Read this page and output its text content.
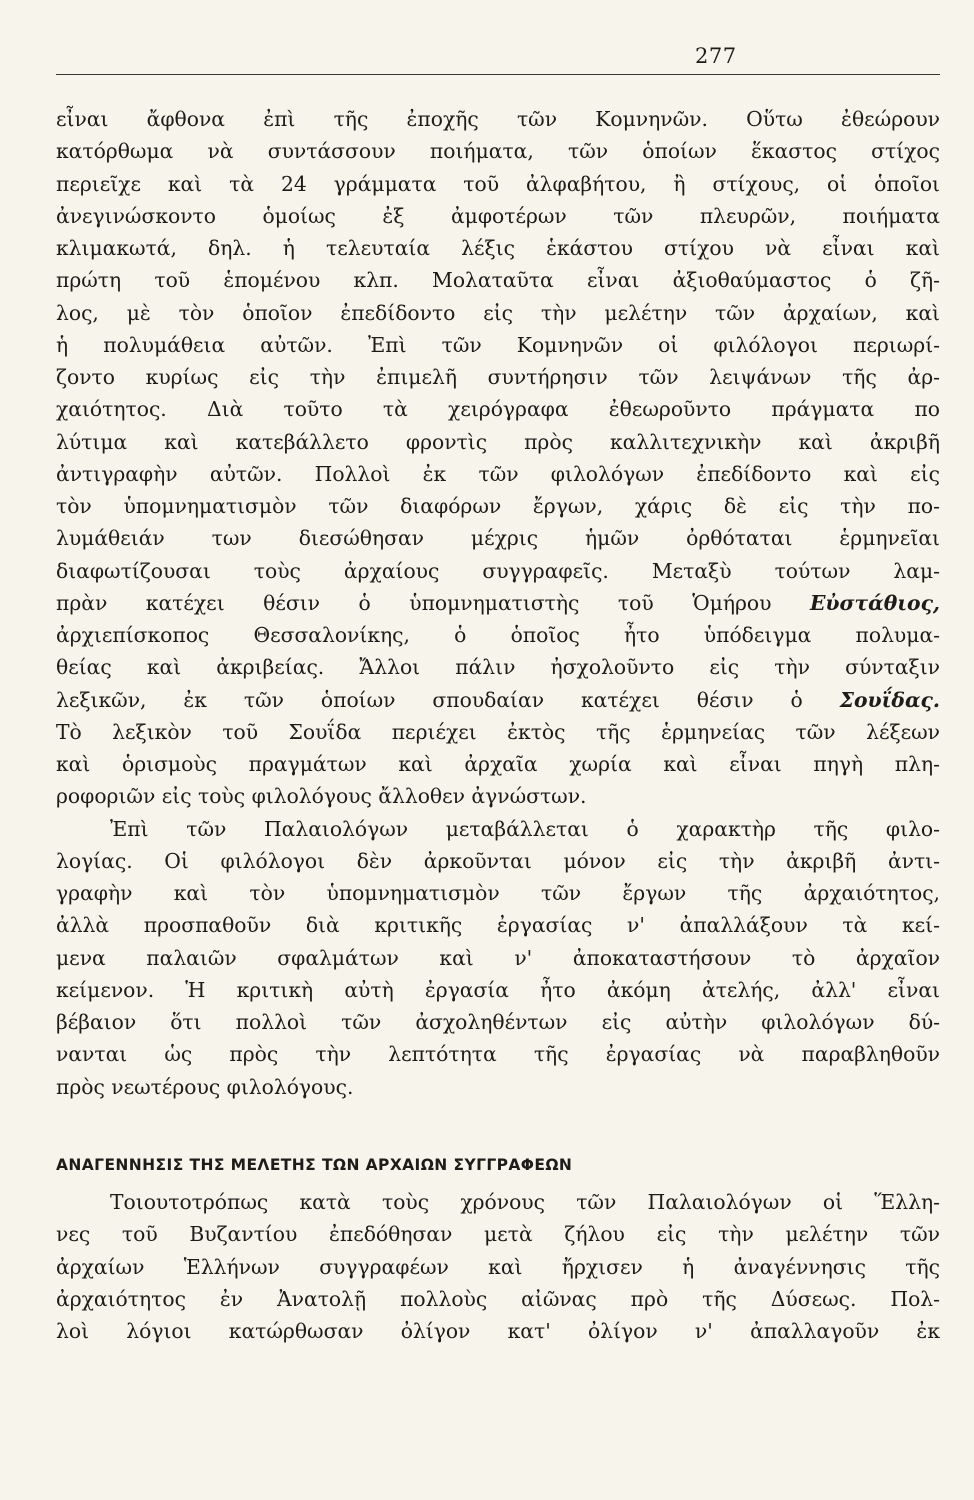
277
εἶναι ἄφθονα ἐπὶ τῆς ἐποχῆς τῶν Κομνηνῶν. Οὕτω ἐθεώρουν
κατόρθωμα νὰ συντάσσουν ποιήματα, τῶν ὁποίων ἕκαστος στίχος
περιεῖχε καὶ τὰ 24 γράμματα τοῦ ἀλφαβήτου, ἢ στίχους, οἱ ὁποῖοι
ἀνεγινώσκοντο ὁμοίως ἐξ ἀμφοτέρων τῶν πλευρῶν, ποιήματα
κλιμακωτά, δηλ. ἡ τελευταία λέξις ἑκάστου στίχου νὰ εἶναι καὶ
πρώτη τοῦ ἑπομένου κλπ. Μολαταῦτα εἶναι ἀξιοθαύμαστος ὁ ζῆ-
λος, μὲ τὸν ὁποῖον ἐπεδίδοντο εἰς τὴν μελέτην τῶν ἀρχαίων, καὶ
ἡ πολυμάθεια αὐτῶν. Ἐπὶ τῶν Κομνηνῶν οἱ φιλόλογοι περιωρί-
ζοντο κυρίως εἰς τὴν ἐπιμελῆ συντήρησιν τῶν λειψάνων τῆς ἀρ-
χαιότητος. Διὰ τοῦτο τὰ χειρόγραφα ἐθεωροῦντο πράγματα πο
λύτιμα καὶ κατεβάλλετο φροντὶς πρὸς καλλιτεχνικὴν καὶ ἀκριβῆ
ἀντιγραφὴν αὐτῶν. Πολλοὶ ἐκ τῶν φιλολόγων ἐπεδίδοντο καὶ εἰς
τὸν ὑπομνηματισμὸν τῶν διαφόρων ἔργων, χάρις δὲ εἰς τὴν πο-
λυμάθειάν των διεσώθησαν μέχρις ἡμῶν ὀρθόταται ἑρμηνεῖαι
διαφωτίζουσαι τοὺς ἀρχαίους συγγραφεῖς. Μεταξὺ τούτων λαμ-
πρὰν κατέχει θέσιν ὁ ὑπομνηματιστὴς τοῦ Ὁμήρου Εὐστάθιος,
ἀρχιεπίσκοπος Θεσσαλονίκης, ὁ ὁποῖος ἦτο ὑπόδειγμα πολυμα-
θείας καὶ ἀκριβείας. Ἄλλοι πάλιν ἠσχολοῦντο εἰς τὴν σύνταξιν
λεξικῶν, ἐκ τῶν ὁποίων σπουδαίαν κατέχει θέσιν ὁ Σουΐδας.
Τὸ λεξικὸν τοῦ Σουΐδα περιέχει ἐκτὸς τῆς ἑρμηνείας τῶν λέξεων
καὶ ὁρισμοὺς πραγμάτων καὶ ἀρχαῖα χωρία καὶ εἶναι πηγὴ πλη-
ροφοριῶν εἰς τοὺς φιλολόγους ἄλλοθεν ἀγνώστων.
Ἐπὶ τῶν Παλαιολόγων μεταβάλλεται ὁ χαρακτὴρ τῆς φιλο-
λογίας. Οἱ φιλόλογοι δὲν ἀρκοῦνται μόνον εἰς τὴν ἀκριβῆ ἀντι-
γραφὴν καὶ τὸν ὑπομνηματισμὸν τῶν ἔργων τῆς ἀρχαιότητος,
ἀλλὰ προσπαθοῦν διὰ κριτικῆς ἐργασίας ν' ἀπαλλάξουν τὰ κεί-
μενα παλαιῶν σφαλμάτων καὶ ν' ἀποκαταστήσουν τὸ ἀρχαῖον
κείμενον. Ἡ κριτικὴ αὐτὴ ἐργασία ἦτο ἀκόμη ἀτελής, ἀλλ' εἶναι
βέβαιον ὅτι πολλοὶ τῶν ἀσχοληθέντων εἰς αὐτὴν φιλολόγων δύ-
νανται ὡς πρὸς τὴν λεπτότητα τῆς ἐργασίας νὰ παραβληθοῦν
πρὸς νεωτέρους φιλολόγους.
ΑΝΑΓΕΝΝΗΣΙΣ ΤΗΣ ΜΕΛΕΤΗΣ ΤΩΝ ΑΡΧΑΙΩΝ ΣΥΓΓΡΑΦΕΩΝ
Τοιουτοτρόπως κατὰ τοὺς χρόνους τῶν Παλαιολόγων οἱ Ἕλλη-
νες τοῦ Βυζαντίου ἐπεδόθησαν μετὰ ζήλου εἰς τὴν μελέτην τῶν
ἀρχαίων Ἑλλήνων συγγραφέων καὶ ἤρχισεν ἡ ἀναγέννησις τῆς
ἀρχαιότητος ἐν Ἀνατολῇ πολλοὺς αἰῶνας πρὸ τῆς Δύσεως. Πολ-
λοὶ λόγιοι κατώρθωσαν ὀλίγον κατ' ὀλίγον ν' ἀπαλλαγοῦν ἐκ
